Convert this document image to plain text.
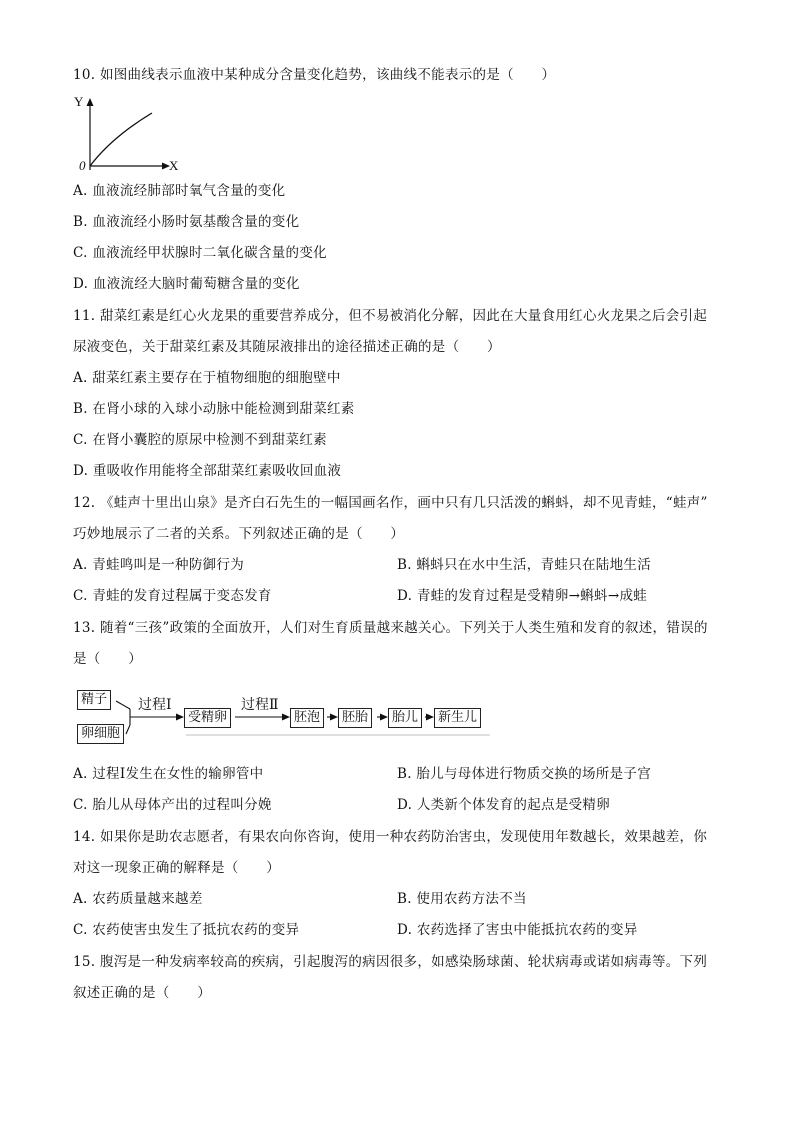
10. 如图曲线表示血液中某种成分含量变化趋势，该曲线不能表示的是（　　）
Y
X
0
A. 血液流经肺部时氧气含量的变化
B. 血液流经小肠时氨基酸含量的变化
C. 血液流经甲状腺时二氧化碳含量的变化
D. 血液流经大脑时葡萄糖含量的变化
11. 甜菜红素是红心火龙果的重要营养成分，但不易被消化分解，因此在大量食用红心火龙果之后会引起
尿液变色，关于甜菜红素及其随尿液排出的途径描述正确的是（　　）
A. 甜菜红素主要存在于植物细胞的细胞壁中
B. 在肾小球的入球小动脉中能检测到甜菜红素
C. 在肾小囊腔的原尿中检测不到甜菜红素
D. 重吸收作用能将全部甜菜红素吸收回血液
12. 《蛙声十里出山泉》是齐白石先生的一幅国画名作，画中只有几只活泼的蝌蚪，却不见青蛙，“蛙声”
巧妙地展示了二者的关系。下列叙述正确的是（　　）
A. 青蛙鸣叫是一种防御行为	B. 蝌蚪只在水中生活，青蛙只在陆地生活
C. 青蛙的发育过程属于变态发育	D. 青蛙的发育过程是受精卵→蝌蚪→成蛙
13. 随着“三孩”政策的全面放开，人们对生育质量越来越关心。下列关于人类生殖和发育的叙述，错误的
是（　　）
精子
卵细胞
过程Ⅰ
受精卵
过程Ⅱ
胚泡	胚胎	胎儿	新生儿
A. 过程Ⅰ发生在女性的输卵管中	B. 胎儿与母体进行物质交换的场所是子宫
C. 胎儿从母体产出的过程叫分娩	D. 人类新个体发育的起点是受精卵
14. 如果你是助农志愿者，有果农向你咨询，使用一种农药防治害虫，发现使用年数越长，效果越差，你
对这一现象正确的解释是（　　）
A. 农药质量越来越差	B. 使用农药方法不当
C. 农药使害虫发生了抵抗农药的变异	D. 农药选择了害虫中能抵抗农药的变异
15. 腹泻是一种发病率较高的疾病，引起腹泻的病因很多，如感染肠球菌、轮状病毒或诺如病毒等。下列
叙述正确的是（　　）
